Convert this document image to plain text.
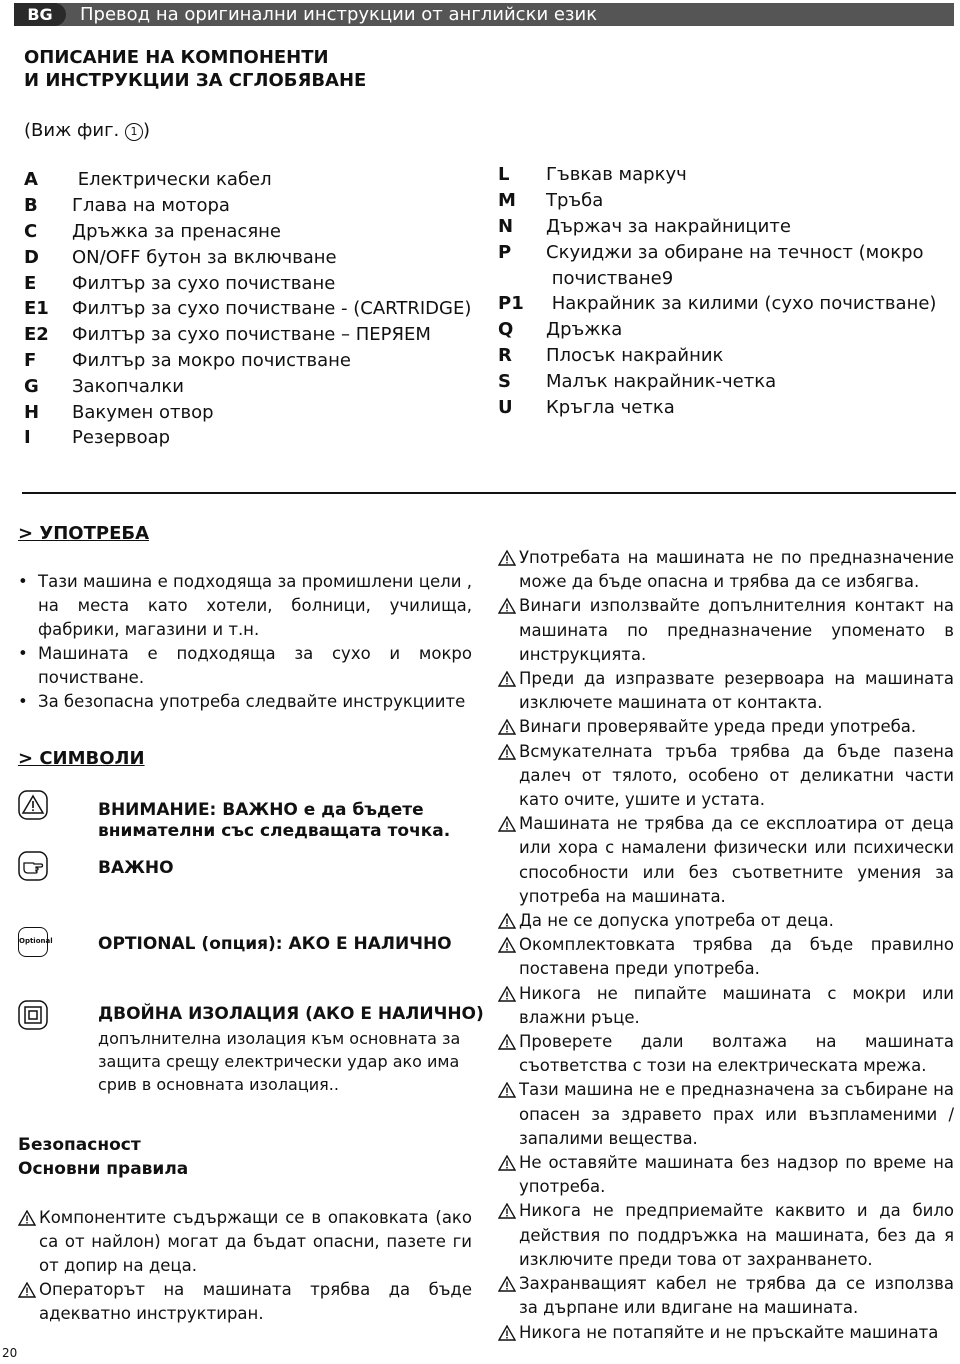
BG	Превод на оригинални инструкции от английски език
ОПИСАНИЕ НА КОМПОНЕНТИ
И ИНСТРУКЦИИ ЗА СГЛОБЯВАНЕ
(Виж фиг. 1 )
A	Електрически кабел
B	Глава на мотора
C	Дръжка за пренасяне
D	ON/OFF бутон за включване
E	Филтър за сухо почистване
E1	Филтър за сухо почистване - (CARTRIDGE)
E2	Филтър за сухо почистване – ПЕРЯЕМ
F	Филтър за мокро почистване
G	Закопчалки
H	Вакумен отвор
I	Резервоар
L	Гъвкав маркуч
M	Тръба
N	Държач за накрайниците
P	Скуиджи за обиране на течност (мокро
почистване9
P1	Накрайник за килими (сухо почистване)
Q	Дръжка
R	Плосък накрайник
S	Малък накрайник-четка
U	Кръгла четка
> УПОТРЕБА
• Тази машина е подходяща за промишлени цели , на места като хотели, болници, училища, фабрики, магазини и т.н.
• Машината е подходяща за сухо и мокро почистване.
• За безопасна употреба следвайте инструкциите
> СИМВОЛИ
ВНИМАНИЕ: ВАЖНО е да бъдете внимателни със следващата точка.
ВАЖНО
Optional	OPTIONAL (опция): АКО Е НАЛИЧНО
ДВОЙНА ИЗОЛАЦИЯ (АКО Е НАЛИЧНО)
допълнителна изолация към основната за защита срещу електрически удар ако има срив в основната изолация..
Безопасност
Основни правила
Компонентите съдържащи се в опаковката (ако са от найлон) могат да бъдат опасни, пазете ги от допир на деца.
Операторът на машината трябва да бъде адекватно инструктиран.
Употребата на машината не по предназначение може да бъде опасна и трябва да се избягва.
Винаги използвайте допълнителния контакт на машината по предназначение упоменато в инструкцията.
Преди да изпразвате резервоара на машината изключете машината от контакта.
Винаги проверявайте уреда преди употреба.
Всмукателната тръба трябва да бъде пазена далеч от тялото, особено от деликатни части като очите, ушите и устата.
Машината не трябва да се експлоатира от деца или хора с намалени физически или психически способности или без съответните умения за употреба на машината.
Да не се допуска употреба от деца.
Окомплектовката трябва да бъде правилно поставена преди употреба.
Никога не пипайте машината с мокри или влажни ръце.
Проверете дали волтажа на машината съответства с този на електрическата мрежа.
Тази машина не е предназначена за събиране на опасен за здравето прах или възпламеними / запалими вещества.
Не оставяйте машината без надзор по време на употреба.
Никога не предприемайте каквито и да било действия по поддръжка на машината, без да я изключите преди това от захранването.
Захранващият кабел не трябва да се използва за дърпане или вдигане на машината.
Никога не потапяйте и не пръскайте машината
20
